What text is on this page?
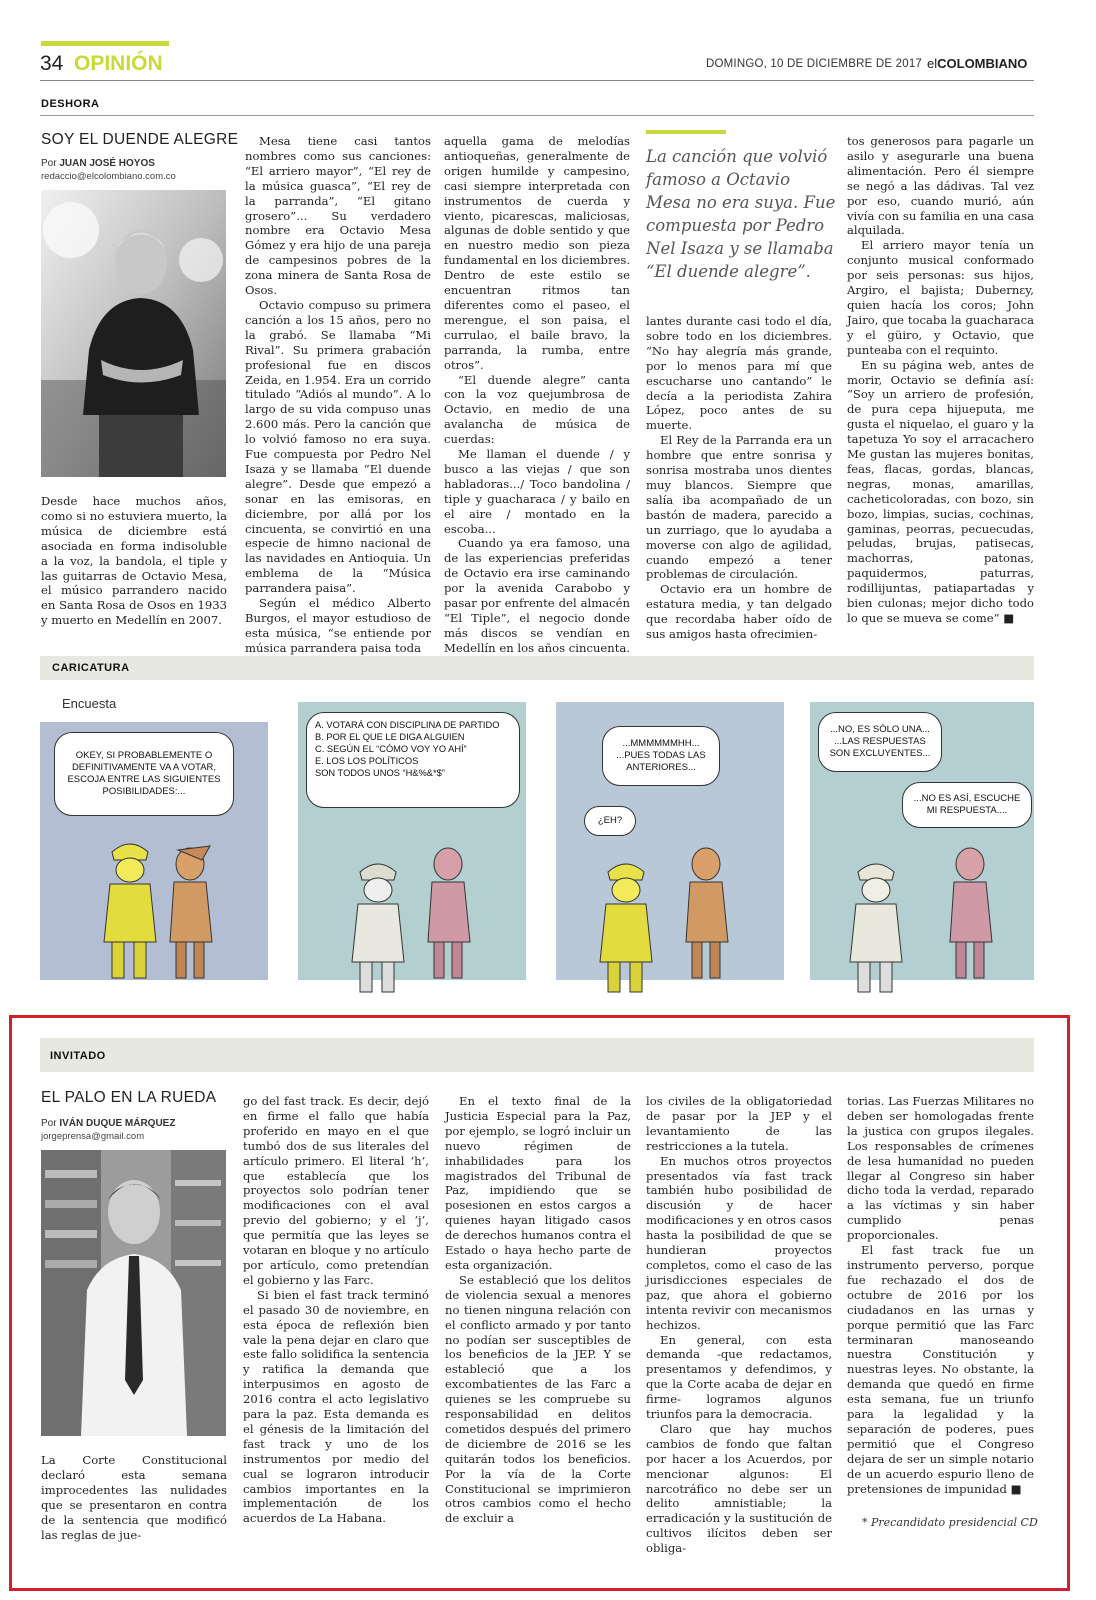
34 OPINIÓN	DOMINGO, 10 DE DICIEMBRE DE 2017 elCOLOMBIANO
DESHORA
SOY EL DUENDE ALEGRE
Por JUAN JOSÉ HOYOS
redaccio@elcolombiano.com.co

Desde hace muchos años, como si no estuviera muerto, la música de diciembre está asociada en forma indisoluble a la voz, la bandola, el tiple y las guitarras de Octavio Mesa, el músico parrandero nacido en Santa Rosa de Osos en 1933 y muerto en Medellín en 2007.

Mesa tiene casi tantos nombres como sus canciones: “El arriero mayor”, “El rey de la música guasca”, “El rey de la parranda”, “El gitano grosero”... Su verdadero nombre era Octavio Mesa Gómez y era hijo de una pareja de campesinos pobres de la zona minera de Santa Rosa de Osos.

Octavio compuso su primera canción a los 15 años, pero no la grabó. Se llamaba “Mi Rival”. Su primera grabación profesional fue en discos Zeida, en 1.954. Era un corrido titulado “Adiós al mundo”. A lo largo de su vida compuso unas 2.600 más. Pero la canción que lo volvió famoso no era suya. Fue compuesta por Pedro Nel Isaza y se llamaba “El duende alegre”. Desde que empezó a sonar en las emisoras, en diciembre, por allá por los cincuenta, se convirtió en una especie de himno nacional de las navidades en Antioquia. Un emblema de la “Música parrandera paisa”.

Según el médico Alberto Burgos, el mayor estudioso de esta música, “se entiende por música parrandera paisa toda

aquella gama de melodías antioqueñas, generalmente de origen humilde y campesino, casi siempre interpretada con instrumentos de cuerda y viento, picarescas, maliciosas, algunas de doble sentido y que en nuestro medio son pieza fundamental en los diciembres. Dentro de este estilo se encuentran ritmos tan diferentes como el paseo, el merengue, el son paisa, el currulao, el baile bravo, la parranda, la rumba, entre otros”.

“El duende alegre” canta con la voz quejumbrosa de Octavio, en medio de una avalancha de música de cuerdas:

Me llaman el duende / y busco a las viejas / que son habladoras.../ Toco bandolina / tiple y guacharaca / y bailo en el aire / montado en la escoba...

Cuando ya era famoso, una de las experiencias preferidas de Octavio era irse caminando por la avenida Carabobo y pasar por enfrente del almacén “El Tiple”, el negocio donde más discos se vendían en Medellín en los años cincuenta.

La canción que volvió famoso a Octavio Mesa no era suya. Fue compuesta por Pedro Nel Isaza y se llamaba “El duende alegre”.

lantes durante casi todo el día, sobre todo en los diciembres. “No hay alegría más grande, por lo menos para mí que escucharse uno cantando” le decía a la periodista Zahira López, poco antes de su muerte.

El Rey de la Parranda era un hombre que entre sonrisa y sonrisa mostraba unos dientes muy blancos. Siempre que salía iba acompañado de un bastón de madera, parecido a un zurriago, que lo ayudaba a moverse con algo de agilidad, cuando empezó a tener problemas de circulación.

Octavio era un hombre de estatura media, y tan delgado que recordaba haber oído de sus amigos hasta ofrecimien-

tos generosos para pagarle un asilo y asegurarle una buena alimentación. Pero él siempre se negó a las dádivas. Tal vez por eso, cuando murió, aún vivía con su familia en una casa alquilada.

El arriero mayor tenía un conjunto musical conformado por seis personas: sus hijos, Argiro, el bajista; Dubernεy, quien hacía los coros; John Jairo, que tocaba la guacharaca y el güiro, y Octavio, que punteaba con el requinto.

En su página web, antes de morir, Octavio se definía así: “Soy un arriero de profesión, de pura cepa hijueputa, me gusta el niquelao, el guaro y la tapetuza Yo soy el arracachero Me gustan las mujeres bonitas, feas, flacas, gordas, blancas, negras, monas, amarillas, cacheticoloradas, con bozo, sin bozo, limpias, sucias, cochinas, gaminas, peorras, pecuecudas, peludas, brujas, patisecas, machorras, patonas, paquidermos, paturras, rodillijuntas, patiapartadas y bien culonas; mejor dicho todo lo que se mueva se come” ■

CARICATURA
Encuesta
OKEY, SI PROBABLEMENTE O DEFINITIVAMENTE VA A VOTAR, ESCOJA ENTRE LAS SIGUIENTES POSIBILIDADES:...
A. VOTARÁ CON DISCIPLINA DE PARTIDO
B. POR EL QUE LE DIGA ALGUIEN
C. SEGÚN EL “CÓMO VOY YO AHÍ”
E. LOS LOS POLÍTICOS
SON TODOS UNOS “H&%&*$”
...MMMMMMHH... ...PUES TODAS LAS ANTERIORES...
¿EH?
...NO, ES SÓLO UNA... ...LAS RESPUESTAS SON EXCLUYENTES...
...NO ES ASÍ, ESCUCHE MI RESPUESTA....
INVITADO
EL PALO EN LA RUEDA
Por IVÁN DUQUE MÁRQUEZ
jorgeprensa@gmail.com

La Corte Constitucional declaró esta semana improcedentes las nulidades que se presentaron en contra de la sentencia que modificó las reglas de jue-

go del fast track. Es decir, dejó en firme el fallo que había proferido en mayo en el que tumbó dos de sus literales del artículo primero. El literal ‘h’, que establecía que los proyectos solo podrían tener modificaciones con el aval previo del gobierno; y el ‘j’, que permitía que las leyes se votaran en bloque y no artículo por artículo, como pretendían el gobierno y las Farc.

Si bien el fast track terminó el pasado 30 de noviembre, en esta época de reflexión bien vale la pena dejar en claro que este fallo solidifica la sentencia y ratifica la demanda que interpusimos en agosto de 2016 contra el acto legislativo para la paz. Esta demanda es el génesis de la limitación del fast track y uno de los instrumentos por medio del cual se lograron introducir cambios importantes en la implementación de los acuerdos de La Habana.

En el texto final de la Justicia Especial para la Paz, por ejemplo, se logró incluir un nuevo régimen de inhabilidades para los magistrados del Tribunal de Paz, impidiendo que se posesionen en estos cargos a quienes hayan litigado casos de derechos humanos contra el Estado o haya hecho parte de esta organización.

Se estableció que los delitos de violencia sexual a menores no tienen ninguna relación con el conflicto armado y por tanto no podían ser susceptibles de los beneficios de la JEP. Y se estableció que a los excombatientes de las Farc a quienes se les compruebe su responsabilidad en delitos cometidos después del primero de diciembre de 2016 se les quitarán todos los beneficios. Por la vía de la Corte Constitucional se imprimieron otros cambios como el hecho de excluir a

los civiles de la obligatoriedad de pasar por la JEP y el levantamiento de las restricciones a la tutela.

En muchos otros proyectos presentados vía fast track también hubo posibilidad de discusión y de hacer modificaciones y en otros casos hasta la posibilidad de que se hundieran proyectos completos, como el caso de las jurisdicciones especiales de paz, que ahora el gobierno intenta revivir con mecanismos hechizos.

En general, con esta demanda -que redactamos, presentamos y defendimos, y que la Corte acaba de dejar en firme- logramos algunos triunfos para la democracia.

Claro que hay muchos cambios de fondo que faltan por hacer a los Acuerdos, por mencionar algunos: El narcotráfico no debe ser un delito amnistiable; la erradicación y la sustitución de cultivos ilícitos deben ser obliga-

torias. Las Fuerzas Militares no deben ser homologadas frente la justica con grupos ilegales. Los responsables de crímenes de lesa humanidad no pueden llegar al Congreso sin haber dicho toda la verdad, reparado a las víctimas y sin haber cumplido penas proporcionales.

El fast track fue un instrumento perverso, porque fue rechazado el dos de octubre de 2016 por los ciudadanos en las urnas y porque permitió que las Farc terminaran manoseando nuestra Constitución y nuestras leyes. No obstante, la demanda que quedó en firme esta semana, fue un triunfo para la legalidad y la separación de poderes, pues permitió que el Congreso dejara de ser un simple notario de un acuerdo espurio lleno de pretensiones de impunidad ■

* Precandidato presidencial CD
